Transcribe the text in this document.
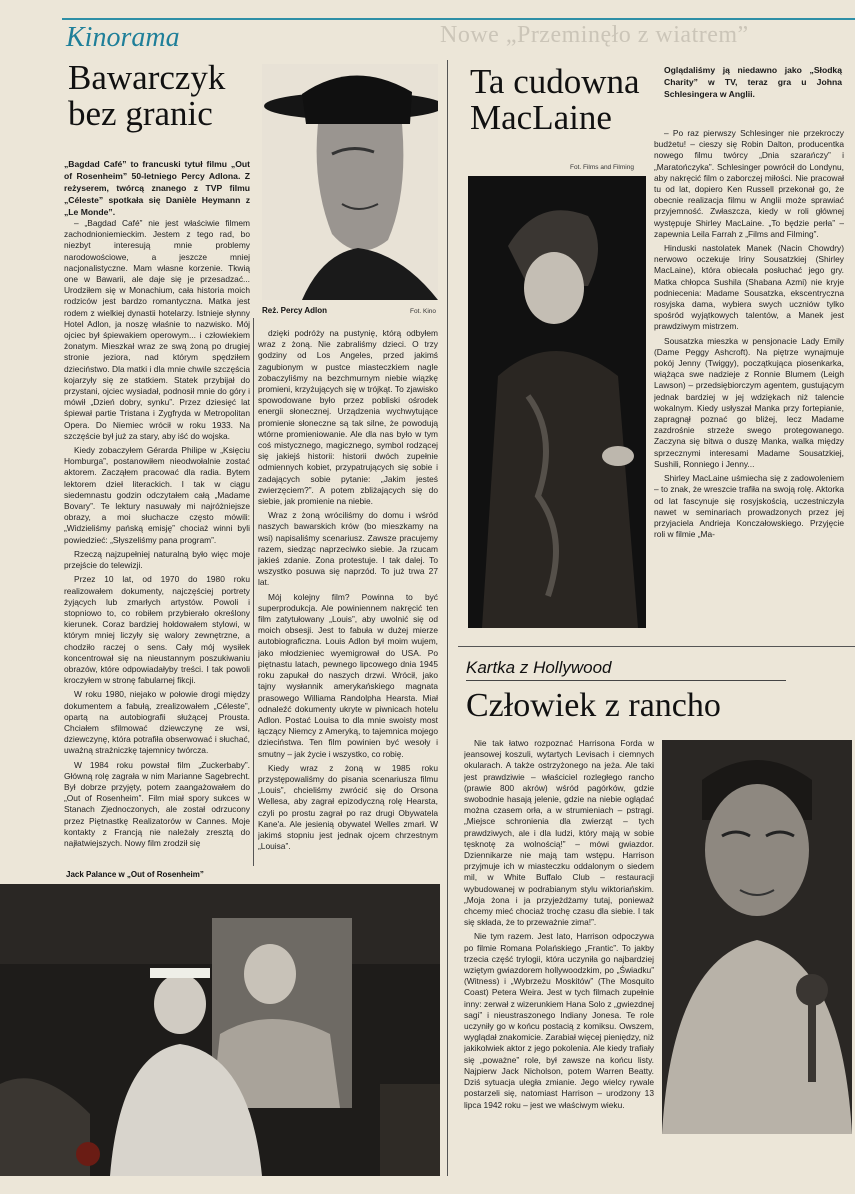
Kinorama	Nowe „Przeminęło z wiatrem”
Bawarczyk
bez granic
„Bagdad Café” to francuski tytuł filmu „Out of Rosenheim” 50-letniego Percy Adlona. Z reżyserem, twórcą znanego z TVP filmu „Céleste” spotkała się Danièle Heymann z „Le Monde”.
Reż. Percy Adlon	Fot. Kino

– „Bagdad Café” nie jest właściwie filmem zachodnioniemieckim. Jestem z tego rad, bo niezbyt interesują mnie problemy narodowościowe, a jeszcze mniej nacjonalistyczne. Mam własne korzenie. Tkwią one w Bawarii, ale daje się je przesadzać... Urodziłem się w Monachium, cała historia moich rodziców jest bardzo romantyczna. Matka jest rodem z wielkiej dynastii hotelarzy. Istnieje słynny Hotel Adlon, ja noszę właśnie to nazwisko. Mój ojciec był śpiewakiem operowym... i człowiekiem żonatym. Mieszkał wraz ze swą żoną po drugiej stronie jeziora, nad którym spędziłem dzieciństwo. Dla matki i dla mnie chwile szczęścia kojarzyły się ze statkiem. Statek przybijał do przystani, ojciec wysiadał, podnosił mnie do góry i mówił „Dzień dobry, synku”. Przez dziesięć lat śpiewał partie Tristana i Zygfryda w Metropolitan Opera. Do Niemiec wrócił w roku 1933. Na szczęście był już za stary, aby iść do wojska.

Kiedy zobaczyłem Gérarda Philipe w „Księciu Homburga”, postanowiłem nieodwołalnie zostać aktorem. Zacząłem pracować dla radia. Bytem lektorem dzieł literackich. I tak w ciągu siedemnastu godzin odczytałem całą „Madame Bovary”. Te lektury nasuwały mi najróżniejsze obrazy, a moi słuchacze często mówili: „Widzieliśmy pańską emisję” chociaż winni byli powiedzieć: „Słyszeliśmy pana program”.

Rzeczą najzupełniej naturalną było więc moje przejście do telewizji.

Przez 10 lat, od 1970 do 1980 roku realizowałem dokumenty, najczęściej portrety żyjących lub zmarłych artystów. Powoli i stopniowo to, co robiłem przybierało określony kierunek. Coraz bardziej hołdowałem stylowi, w którym mniej liczyły się walory zewnętrzne, a chodziło raczej o sens. Cały mój wysiłek koncentrował się na nieustannym poszukiwaniu obrazów, które odpowiadałyby treści. I tak powoli kroczyłem w stronę fabularnej fikcji.

W roku 1980, niejako w połowie drogi między dokumentem a fabułą, zrealizowałem „Céleste”, opartą na autobiografii służącej Prousta. Chciałem sfilmować dziewczynę ze wsi, dziewczynę, która potrafiła obserwować i słuchać, uważną strażniczkę tajemnicy twórcza.

W 1984 roku powstał film „Zuckerbaby”. Główną rolę zagrała w nim Marianne Sagebrecht. Był dobrze przyjęty, potem zaangażowałem do „Out of Rosenheim”. Film miał spory sukces w Stanach Zjednoczonych, ale został odrzucony przez Piętnastkę Realizatorów w Cannes. Moje kontakty z Francją nie należały zresztą do najłatwiejszych. Nowy film zrodził się

dzięki podróży na pustynię, którą odbyłem wraz z żoną. Nie zabraliśmy dzieci. O trzy godziny od Los Angeles, przed jakimś zagubionym w pustce miasteczkiem nagle zobaczyliśmy na bezchmurnym niebie wiązkę promieni, krzyżujących się w trójkąt. To zjawisko spowodowane było przez pobliski ośrodek energii słonecznej. Urządzenia wychwytujące promienie słoneczne są tak silne, że powodują wtórne promieniowanie. Ale dla nas było w tym coś mistycznego, magicznego, symbol rodzącej się jakiejś historii: historii dwóch zupełnie odmiennych kobiet, przypatrujących się sobie i zadających sobie pytanie: „Jakim jesteś zwierzęciem?”. A potem zbliżających się do siebie, jak promienie na niebie.

Wraz z żoną wróciliśmy do domu i wśród naszych bawarskich krów (bo mieszkamy na wsi) napisaliśmy scenariusz. Zawsze pracujemy razem, siedząc naprzeciwko siebie. Ja rzucam jakieś zdanie. Zona protestuje. I tak dalej. To wszystko posuwa się naprzód. To już trwa 27 lat.

Mój kolejny film? Powinna to być superprodukcja. Ale powiniennem nakręcić ten film zatytułowany „Louis”, aby uwolnić się od moich obsesji. Jest to fabuła w dużej mierze autobiograficzna. Louis Adlon był moim wujem, jako młodzieniec wyemigrował do USA. Po piętnastu latach, pewnego lipcowego dnia 1945 roku zapukał do naszych drzwi. Wrócił, jako tajny wysłannik amerykańskiego magnata prasowego Williama Randolpha Hearsta. Miał odnaleźć dokumenty ukryte w piwnicach hotelu Adlon. Postać Louisa to dla mnie swoisty most łączący Niemcy z Ameryką, to tajemnica mojego dzieciństwa. Ten film powinien być wesoły i smutny – jak życie i wszystko, co robię.

Kiedy wraz z żoną w 1985 roku przystępowaliśmy do pisania scenariusza filmu „Louis”, chcieliśmy zwrócić się do Orsona Wellesa, aby zagrał epizodyczną rolę Hearsta, czyli po prostu zagrał po raz drugi Obywatela Kane'a. Ale jesienią obywatel Welles zmarł. W jakimś stopniu jest jednak ojcem chrzestnym „Louisa”.

Jack Palance w „Out of Rosenheim”
Ta cudowna
MacLaine
Oglądaliśmy ją niedawno jako „Słodką Charity” w TV, teraz gra u Johna Schlesingera w Anglii.
Fot. Films and Filming

– Po raz pierwszy Schlesinger nie przekroczy budżetu! – cieszy się Robin Dalton, producentka nowego filmu twórcy „Dnia szarańczy” i „Maratończyka”. Schlesinger powrócił do Londynu, aby nakręcić film o zaborczej miłości. Nie pracował tu od lat, dopiero Ken Russell przekonał go, że obecnie realizacja filmu w Anglii może sprawiać przyjemność. Zwłaszcza, kiedy w roli głównej występuje Shirley MacLaine. „To będzie perła” – zapewnia Leila Farrah z „Films and Filming”.

Hinduski nastolatek Manek (Nacin Chowdry) nerwowo oczekuje Iriny Sousatzkiej (Shirley MacLaine), która obiecała posłuchać jego gry. Matka chłopca Sushila (Shabana Azmi) nie kryje podniecenia: Madame Sousatzka, ekscentryczna rosyjska dama, wybiera swych uczniów tylko spośród wyjątkowych talentów, a Manek jest prawdziwym mistrzem.

Sousatzka mieszka w pensjonacie Lady Emily (Dame Peggy Ashcroft). Na piętrze wynajmuje pokój Jenny (Twiggy), początkująca piosenkarka, wiążąca swe nadzieje z Ronnie Blumem (Leigh Lawson) – przedsiębiorczym agentem, gustującym jednak bardziej w jej wdziękach niż talencie wokalnym. Kiedy usłyszał Manka przy fortepianie, zapragnął poznać go bliżej, lecz Madame zazdrośnie strzeże swego protegowanego. Zaczyna się bitwa o duszę Manka, walka między sprzecznymi interesami Madame Sousatzkiej, Sushili, Ronniego i Jenny...

Shirley MacLaine uśmiecha się z zadowoleniem – to znak, że wreszcie trafiła na swoją rolę. Aktorka od lat fascynuje się rosyjskością, uczestniczyła nawet w seminariach prowadzonych przez jej przyjaciela Andrieja Konczałowskiego. Przyjęcie roli w filmie „Ma-

Kartka z Hollywood
Człowiek z rancho

Nie tak łatwo rozpoznać Harrisona Forda w jeansowej koszuli, wytartych Levisach i ciemnych okularach. A także ostrzyżonego na jeża. Ale taki jest prawdziwie – właściciel rozległego rancho (prawie 800 akrów) wśród pagórków, gdzie swobodnie hasają jelenie, gdzie na niebie oglądać można czasem orła, a w strumieniach – pstrągi. „Miejsce schronienia dla zwierząt – tych prawdziwych, ale i dla ludzi, który mają w sobie tęsknotę za wolnością!” – mówi gwiazdor. Dziennikarze nie mają tam wstępu. Harrison przyjmuje ich w miasteczku oddalonym o siedem mil, w White Buffalo Club – restauracji wybudowanej w podrabianym stylu wiktoriańskim. „Moja żona i ja przyjeżdżamy tutaj, ponieważ chcemy mieć chociaż trochę czasu dla siebie. I tak się składa, że to przeważnie zima!”.

Nie tym razem. Jest lato, Harrison odpoczywa po filmie Romana Polańskiego „Frantic”. To jakby trzecia część trylogii, która uczyniła go najbardziej wziętym gwiazdorem hollywoodzkim, po „Świadku” (Witness) i „Wybrzeżu Moskitów” (The Mosquito Coast) Petera Weira. Jest w tych filmach zupełnie inny: zerwał z wizerunkiem Hana Solo z „gwiezdnej sagi” i nieustraszonego Indiany Jonesa. Te role uczyniły go w końcu postacią z komiksu. Owszem, wyglądał znakomicie. Zarabiał więcej pieniędzy, niż jakikolwiek aktor z jego pokolenia. Ale kiedy trafiały się „poważne” role, był zawsze na końcu listy. Najpierw Jack Nicholson, potem Warren Beatty. Dziś sytuacja uległa zmianie. Jego wielcy rywale postarzeli się, natomiast Harrison – urodzony 13 lipca 1942 roku – jest we właściwym wieku.
